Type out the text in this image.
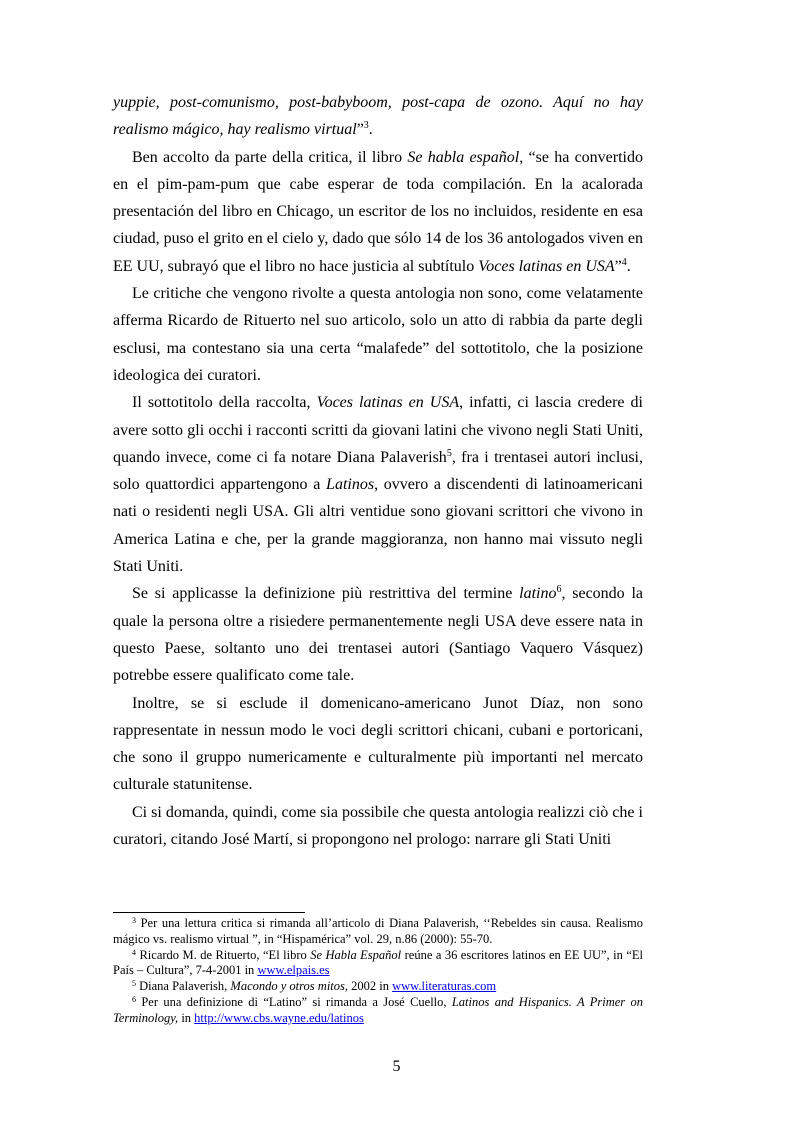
yuppie, post-comunismo, post-babyboom, post-capa de ozono. Aquí no hay realismo mágico, hay realismo virtual”$^3$.

Ben accolto da parte della critica, il libro Se habla español, “se ha convertido en el pim-pam-pum que cabe esperar de toda compilación. En la acalorada presentación del libro en Chicago, un escritor de los no incluidos, residente en esa ciudad, puso el grito en el cielo y, dado que sólo 14 de los 36 antologados viven en EE UU, subrayó que el libro no hace justicia al subtítulo Voces latinas en USA”$^4$.

Le critiche che vengono rivolte a questa antologia non sono, come velatamente afferma Ricardo de Rituerto nel suo articolo, solo un atto di rabbia da parte degli esclusi, ma contestano sia una certa “malafede” del sottotitolo, che la posizione ideologica dei curatori.

Il sottotitolo della raccolta, Voces latinas en USA, infatti, ci lascia credere di avere sotto gli occhi i racconti scritti da giovani latini che vivono negli Stati Uniti, quando invece, come ci fa notare Diana Palaverish$^5$, fra i trentasei autori inclusi, solo quattordici appartengono a Latinos, ovvero a discendenti di latinoamericani nati o residenti negli USA. Gli altri ventidue sono giovani scrittori che vivono in America Latina e che, per la grande maggioranza, non hanno mai vissuto negli Stati Uniti.

Se si applicasse la definizione più restrittiva del termine latino$^6$, secondo la quale la persona oltre a risiedere permanentemente negli USA deve essere nata in questo Paese, soltanto uno dei trentasei autori (Santiago Vaquero Vásquez) potrebbe essere qualificato come tale.

Inoltre, se si esclude il domenicano-americano Junot Díaz, non sono rappresentate in nessun modo le voci degli scrittori chicani, cubani e portoricani, che sono il gruppo numericamente e culturalmente più importanti nel mercato culturale statunitense.

Ci si domanda, quindi, come sia possibile che questa antologia realizzi ciò che i curatori, citando José Martí, si propongono nel prologo: narrare gli Stati Uniti

$^3$ Per una lettura critica si rimanda all’articolo di Diana Palaverish, ‘‘Rebeldes sin causa. Realismo mágico vs. realismo virtual ”, in “Hispamérica” vol. 29, n.86 (2000): 55-70.

$^4$ Ricardo M. de Rituerto, “El libro Se Habla Español reúne a 36 escritores latinos en EE UU”, in “El País – Cultura”, 7-4-2001 in www.elpais.es

$^5$ Diana Palaverish, Macondo y otros mitos, 2002 in www.literaturas.com

$^6$ Per una definizione di “Latino” si rimanda a José Cuello, Latinos and Hispanics. A Primer on Terminology, in http://www.cbs.wayne.edu/latinos

5
